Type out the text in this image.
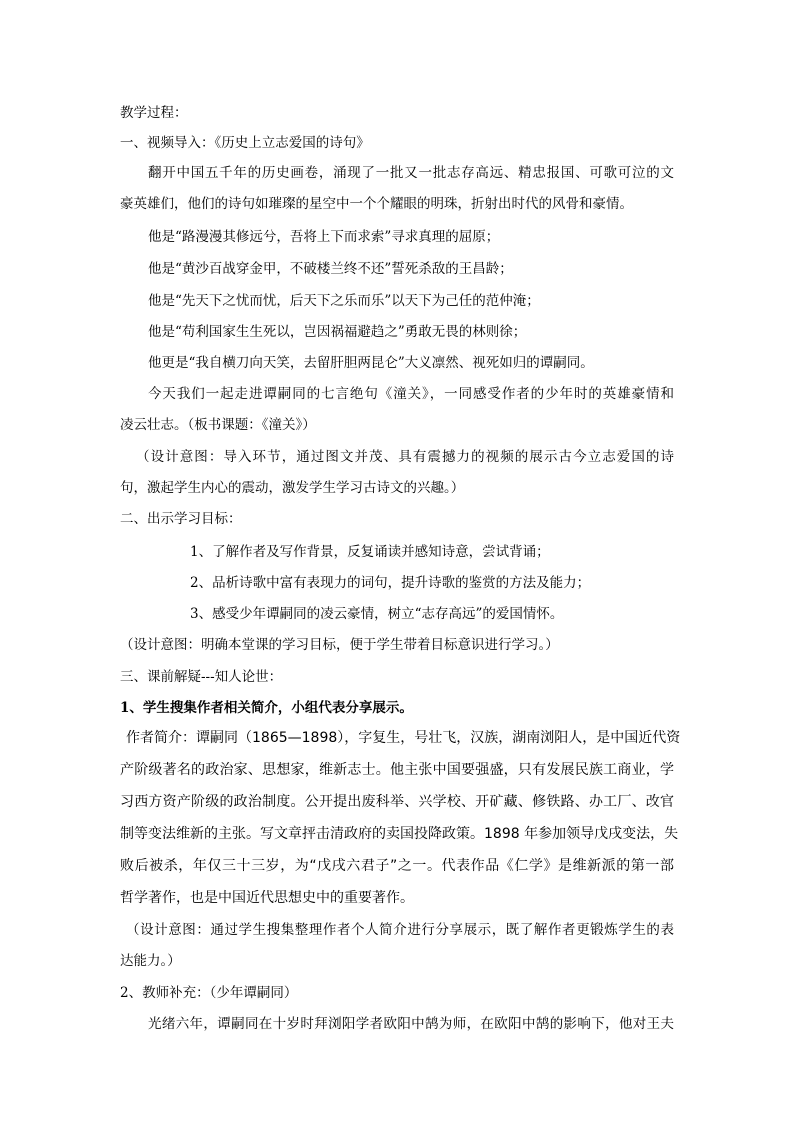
教学过程：
一、视频导入：《历史上立志爱国的诗句》
翻开中国五千年的历史画卷，涌现了一批又一批志存高远、精忠报国、可歌可泣的文
豪英雄们，他们的诗句如璀璨的星空中一个个耀眼的明珠，折射出时代的风骨和豪情。
他是“路漫漫其修远兮，吾将上下而求索”寻求真理的屈原；
他是“黄沙百战穿金甲，不破楼兰终不还”誓死杀敌的王昌龄；
他是“先天下之忧而忧，后天下之乐而乐”以天下为己任的范仲淹；
他是“苟利国家生生死以，岂因祸福避趋之”勇敢无畏的林则徐；
他更是“我自横刀向天笑，去留肝胆两昆仑”大义凛然、视死如归的谭嗣同。
今天我们一起走进谭嗣同的七言绝句《潼关》，一同感受作者的少年时的英雄豪情和
凌云壮志。（板书课题：《潼关》）
（设计意图：导入环节，通过图文并茂、具有震撼力的视频的展示古今立志爱国的诗
句，激起学生内心的震动，激发学生学习古诗文的兴趣。）
二、出示学习目标：
1、了解作者及写作背景，反复诵读并感知诗意，尝试背诵；
2、品析诗歌中富有表现力的词句，提升诗歌的鉴赏的方法及能力；
3、感受少年谭嗣同的凌云豪情，树立“志存高远”的爱国情怀。
（设计意图：明确本堂课的学习目标，便于学生带着目标意识进行学习。）
三、课前解疑---知人论世：
1、学生搜集作者相关简介，小组代表分享展示。
作者简介：谭嗣同（1865—1898），字复生，号壮飞，汉族，湖南浏阳人，是中国近代资
产阶级著名的政治家、思想家，维新志士。他主张中国要强盛，只有发展民族工商业，学
习西方资产阶级的政治制度。公开提出废科举、兴学校、开矿藏、修铁路、办工厂、改官
制等变法维新的主张。写文章抨击清政府的卖国投降政策。1898 年参加领导戊戌变法，失
败后被杀，年仅三十三岁，为“戊戌六君子”之一。代表作品《仁学》是维新派的第一部
哲学著作，也是中国近代思想史中的重要著作。
（设计意图：通过学生搜集整理作者个人简介进行分享展示，既了解作者更锻炼学生的表
达能力。）
2、教师补充：（少年谭嗣同）
光绪六年，谭嗣同在十岁时拜浏阳学者欧阳中鹄为师，在欧阳中鹄的影响下，他对王夫
